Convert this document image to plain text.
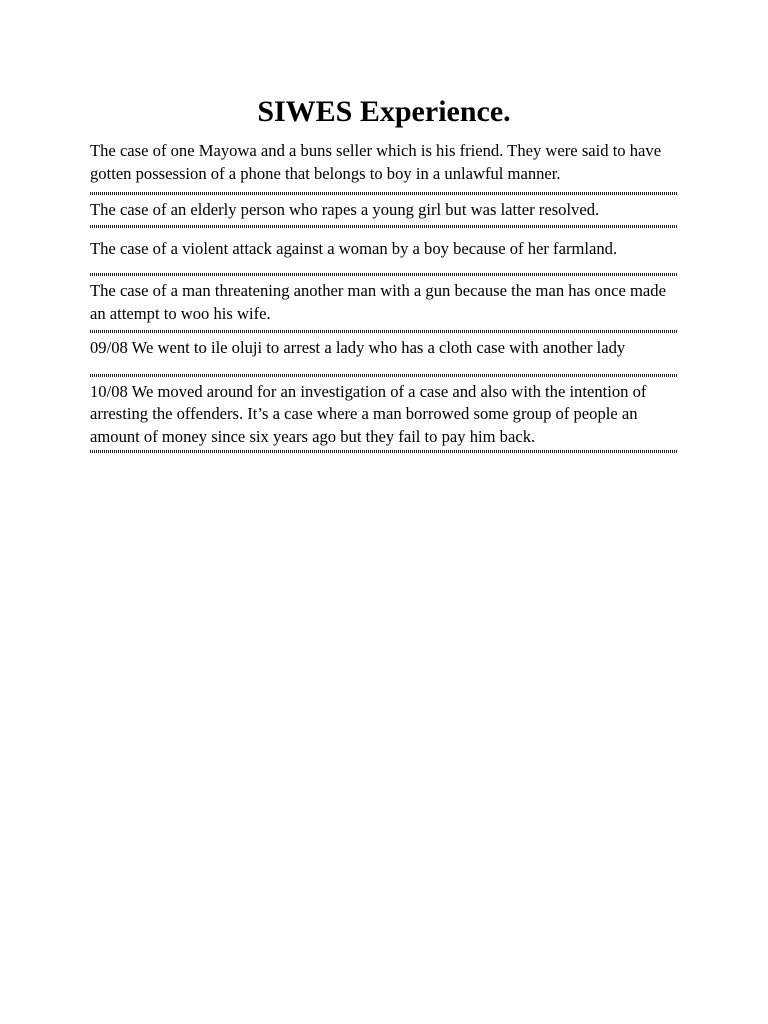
SIWES Experience.

The case of one Mayowa and a buns seller which is his friend. They were said to have gotten possession of a phone that belongs to boy in a unlawful manner.

The case of an elderly person who rapes a young girl but was latter resolved.

The case of a violent attack against a woman by a boy because of her farmland.

The case of a man threatening another man with a gun because the man has once made an attempt to woo his wife.

09/08 We went to ile oluji to arrest a lady who has a cloth case with another lady

10/08 We moved around for an investigation of a case and also with the intention of arresting the offenders. It’s a case where a man borrowed some group of people an amount of money since six years ago but they fail to pay him back.
